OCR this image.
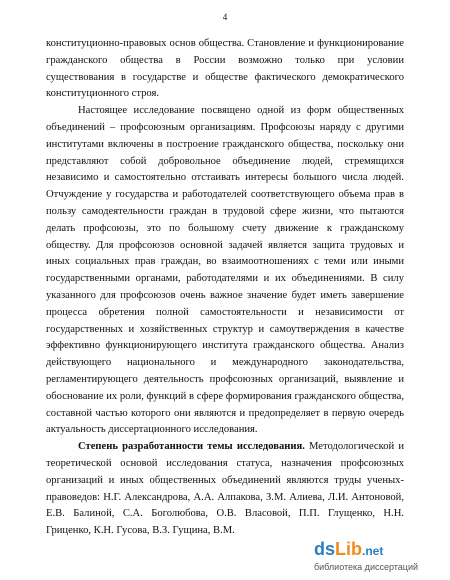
4

конституционно-правовых основ общества. Становление и функционирование гражданского общества в России возможно только при условии существования в государстве и обществе фактического демократического конституционного строя.

Настоящее исследование посвящено одной из форм общественных объединений – профсоюзным организациям. Профсоюзы наряду с другими институтами включены в построение гражданского общества, поскольку они представляют собой добровольное объединение людей, стремящихся независимо и самостоятельно отстаивать интересы большого числа людей. Отчуждение у государства и работодателей соответствующего объема прав в пользу самодеятельности граждан в трудовой сфере жизни, что пытаются делать профсоюзы, это по большому счету движение к гражданскому обществу. Для профсоюзов основной задачей является защита трудовых и иных социальных прав граждан, во взаимоотношениях с теми или иными государственными органами, работодателями и их объединениями. В силу указанного для профсоюзов очень важное значение будет иметь завершение процесса обретения полной самостоятельности и независимости от государственных и хозяйственных структур и самоутверждения в качестве эффективно функционирующего института гражданского общества. Анализ действующего национального и международного законодательства, регламентирующего деятельность профсоюзных организаций, выявление и обоснование их роли, функций в сфере формирования гражданского общества, составной частью которого они являются и предопределяет в первую очередь актуальность диссертационного исследования.

Степень разработанности темы исследования. Методологической и теоретической основой исследования статуса, назначения профсоюзных организаций и иных общественных объединений являются труды ученых-правоведов: Н.Г. Александрова, А.А. Алпакова, З.М. Алиева, Л.И. Антоновой, Е.В. Балиной, С.А. Боголюбова, О.В. Власовой, П.П. Глущенко, Н.Н. Гриценко, К.Н. Гусова, В.З. Гущина, В.М.

dsLib.net
библиотека диссертаций
